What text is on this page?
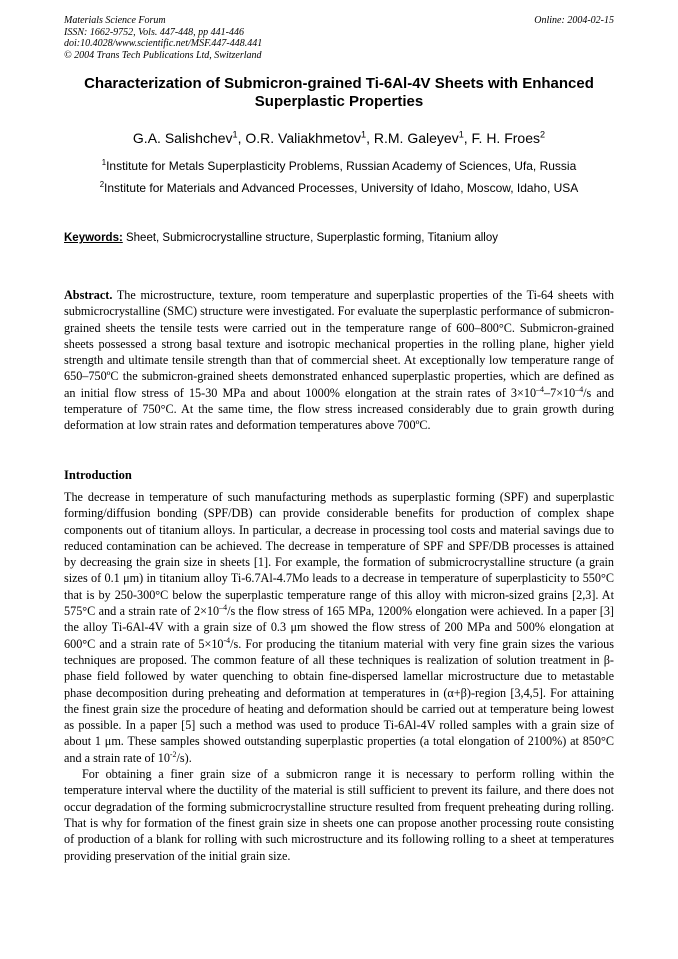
Materials Science Forum
ISSN: 1662-9752, Vols. 447-448, pp 441-446
doi:10.4028/www.scientific.net/MSF.447-448.441
© 2004 Trans Tech Publications Ltd, Switzerland
Online: 2004-02-15
Characterization of Submicron-grained Ti-6Al-4V Sheets with Enhanced Superplastic Properties
G.A. Salishchev$^1$, O.R. Valiakhmetov$^1$, R.M. Galeyev$^1$, F. H. Froes$^2$
$^1$Institute for Metals Superplasticity Problems, Russian Academy of Sciences, Ufa, Russia
$^2$Institute for Materials and Advanced Processes, University of Idaho, Moscow, Idaho, USA
Keywords: Sheet, Submicrocrystalline structure, Superplastic forming, Titanium alloy
Abstract. The microstructure, texture, room temperature and superplastic properties of the Ti-64 sheets with submicrocrystalline (SMC) structure were investigated. For evaluate the superplastic performance of submicron-grained sheets the tensile tests were carried out in the temperature range of 600–800°C. Submicron-grained sheets possessed a strong basal texture and isotropic mechanical properties in the rolling plane, higher yield strength and ultimate tensile strength than that of commercial sheet. At exceptionally low temperature range of 650–750ºC the submicron-grained sheets demonstrated enhanced superplastic properties, which are defined as an initial flow stress of 15-30 MPa and about 1000% elongation at the strain rates of $3\times 10^{-4}-7\times 10^{-4}/s$ and temperature of 750°C. At the same time, the flow stress increased considerably due to grain growth during deformation at low strain rates and deformation temperatures above 700ºC.
Introduction

The decrease in temperature of such manufacturing methods as superplastic forming (SPF) and superplastic forming/diffusion bonding (SPF/DB) can provide considerable benefits for production of complex shape components out of titanium alloys. In particular, a decrease in processing tool costs and material savings due to reduced contamination can be achieved. The decrease in temperature of SPF and SPF/DB processes is attained by decreasing the grain size in sheets [1]. For example, the formation of submicrocrystalline structure (a grain sizes of 0.1 μm) in titanium alloy Ti-6.7Al-4.7Mo leads to a decrease in temperature of superplasticity to 550°C that is by 250-300°C below the superplastic temperature range of this alloy with micron-sized grains [2,3]. At 575°C and a strain rate of $2\times 10^{-4}/s$ the flow stress of 165 MPa, 1200% elongation were achieved. In a paper [3] the alloy Ti-6Al-4V with a grain size of 0.3 μm showed the flow stress of 200 MPa and 500% elongation at 600°C and a strain rate of $5\times 10^{-4}/s$. For producing the titanium material with very fine grain sizes the various techniques are proposed. The common feature of all these techniques is realization of solution treatment in β-phase field followed by water quenching to obtain fine-dispersed lamellar microstructure due to metastable phase decomposition during preheating and deformation at temperatures in (α+β)-region [3,4,5]. For attaining the finest grain size the procedure of heating and deformation should be carried out at temperature being lowest as possible. In a paper [5] such a method was used to produce Ti-6Al-4V rolled samples with a grain size of about 1 μm. These samples showed outstanding superplastic properties (a total elongation of 2100%) at 850°C and a strain rate of $10^{-2}/s$).

For obtaining a finer grain size of a submicron range it is necessary to perform rolling within the temperature interval where the ductility of the material is still sufficient to prevent its failure, and there does not occur degradation of the forming submicrocrystalline structure resulted from frequent preheating during rolling. That is why for formation of the finest grain size in sheets one can propose another processing route consisting of production of a blank for rolling with such microstructure and its following rolling to a sheet at temperatures providing preservation of the initial grain size.
